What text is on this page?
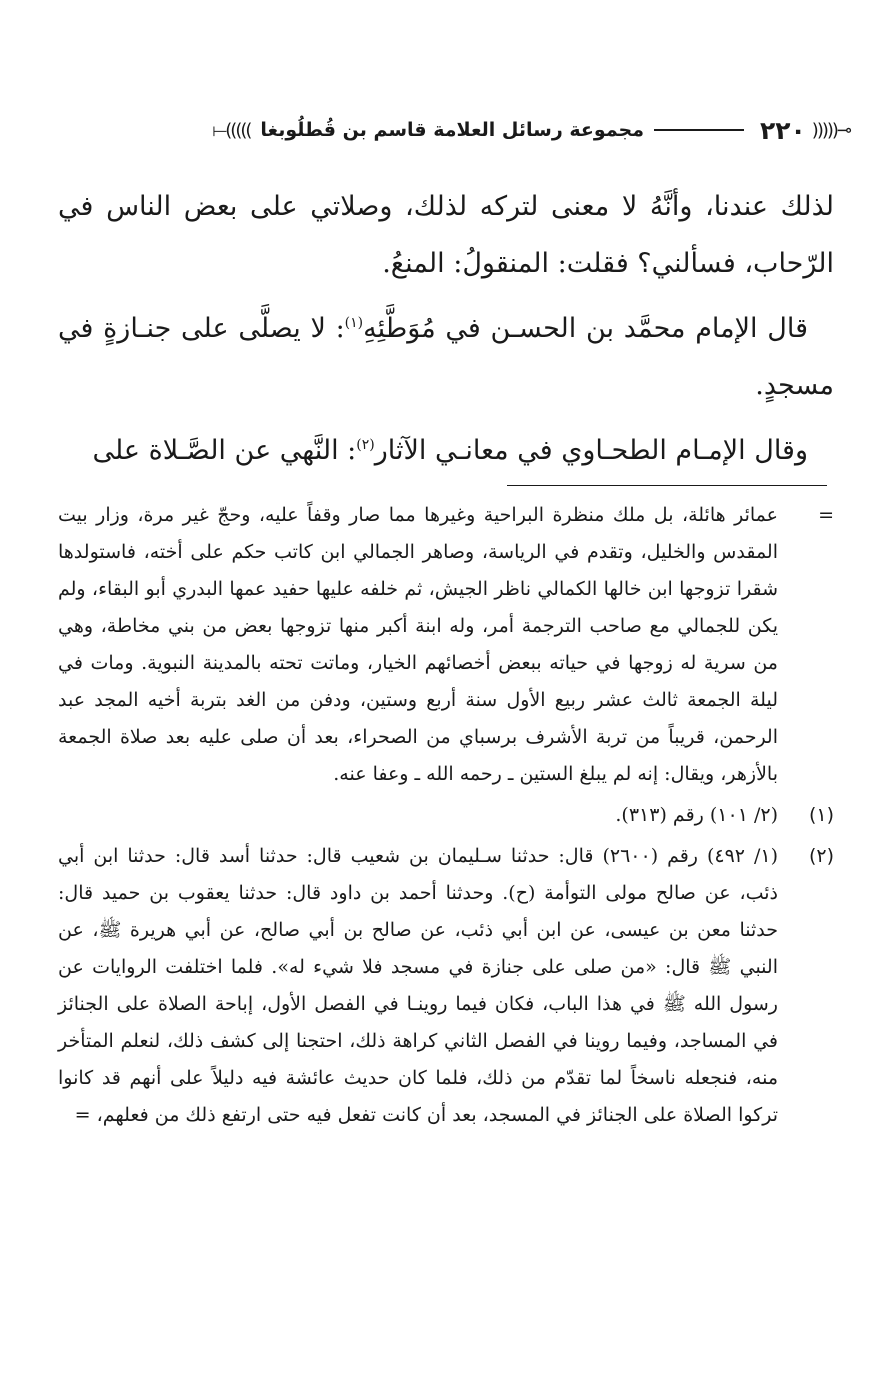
⟜(((((
٢٢٠
مجموعة رسائل العلامة قاسم بن قُطلُوبغا
)))))⟞

لذلك عندنا، وأنَّهُ لا معنى لتركه لذلك، وصلاتي على بعض الناس في الرّحاب، فسألني؟ فقلت: المنقولُ: المنعُ.

قال الإمام محمَّد بن الحسـن في مُوَطَّئِهِ$^{(١)}$: لا يصلَّى على جنـازةٍ في مسجدٍ.

وقال الإمـام الطحـاوي في معانـي الآثار$^{(٢)}$: النَّهي عن الصَّـلاة على

=
عمائر هائلة، بل ملك منظرة البراحية وغيرها مما صار وقفاً عليه، وحجّ غير مرة، وزار بيت المقدس والخليل، وتقدم في الرياسة، وصاهر الجمالي ابن كاتب حكم على أخته، فاستولدها شقرا تزوجها ابن خالها الكمالي ناظر الجيش، ثم خلفه عليها حفيد عمها البدري أبو البقاء، ولم يكن للجمالي مع صاحب الترجمة أمر، وله ابنة أكبر منها تزوجها بعض من بني مخاطة، وهي من سرية له زوجها في حياته ببعض أخصائهم الخيار، وماتت تحته بالمدينة النبوية. ومات في ليلة الجمعة ثالث عشر ربيع الأول سنة أربع وستين، ودفن من الغد بتربة أخيه المجد عبد الرحمن، قريباً من تربة الأشرف برسباي من الصحراء، بعد أن صلى عليه بعد صلاة الجمعة بالأزهر، ويقال: إنه لم يبلغ الستين ـ رحمه الله ـ وعفا عنه.
(١)
(٢/ ١٠١) رقم (٣١٣).
(٢)
(١/ ٤٩٢) رقم (٢٦٠٠) قال: حدثنا سـليمان بن شعيب قال: حدثنا أسد قال: حدثنا ابن أبي ذئب، عن صالح مولى التوأمة (ح). وحدثنا أحمد بن داود قال: حدثنا يعقوب بن حميد قال: حدثنا معن بن عيسى، عن ابن أبي ذئب، عن صالح بن أبي صالح، عن أبي هريرة ﷺ، عن النبي ﷺ قال: «من صلى على جنازة في مسجد فلا شيء له». فلما اختلفت الروايات عن رسول الله ﷺ في هذا الباب، فكان فيما روينـا في الفصل الأول، إباحة الصلاة على الجنائز في المساجد، وفيما روينا في الفصل الثاني كراهة ذلك، احتجنا إلى كشف ذلك، لنعلم المتأخر منه، فنجعله ناسخاً لما تقدّم من ذلك، فلما كان حديث عائشة فيه دليلاً على أنهم قد كانوا تركوا الصلاة على الجنائز في المسجد، بعد أن كانت تفعل فيه حتى ارتفع ذلك من فعلهم، =
